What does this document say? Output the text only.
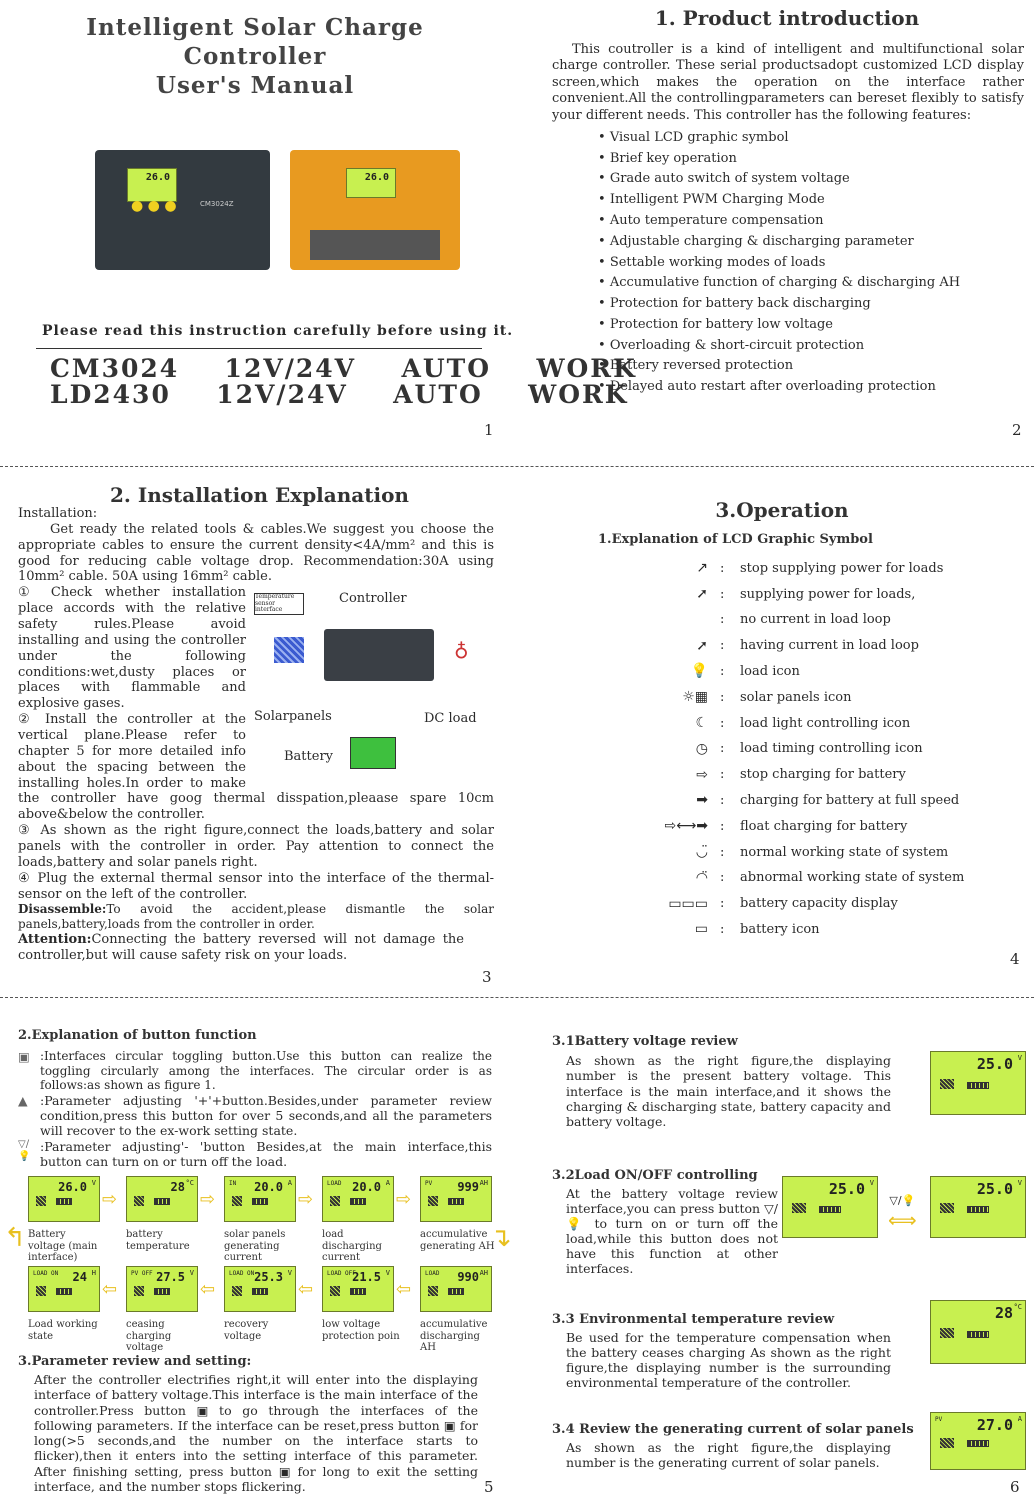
Intelligent Solar Charge Controller
User's Manual
26.0
CM3024Z
● ● ●
26.0
Please read this instruction carefully before using it.
CM3024  12V/24V  AUTO  WORK
LD2430  12V/24V  AUTO  WORK
1
1. Product introduction

This coutroller is a kind of intelligent and multifunctional solar charge controller. These serial productsadopt customized LCD display screen,which makes the operation on the interface rather convenient.All the controllingparameters can bereset flexibly to satisfy your different needs. This controller has the following features:

• Visual LCD graphic symbol
• Brief key operation
• Grade auto switch of system voltage
• Intelligent PWM Charging Mode
• Auto temperature compensation
• Adjustable charging & discharging parameter
• Settable working modes of loads
• Accumulative function of charging & discharging AH
• Protection for battery back discharging
• Protection for battery low voltage
• Overloading & short-circuit protection
• Battery reversed protection
• Delayed auto restart after overloading protection
2
2. Installation Explanation
Installation:

Get ready the related tools & cables.We suggest you choose the appropriate cables to ensure the current density<4A/mm² and this is good for reducing cable voltage drop. Recommendation:30A using 10mm² cable. 50A using 16mm² cable.

Temperature sensor interface
Controller
♁
Solarpanels	DC load
Battery

① Check whether installation place accords with the relative safety rules.Please avoid installing and using the controller under the following conditions:wet,dusty places or places with flammable and explosive gases.

② Install the controller at the vertical plane.Please refer to chapter 5 for more detailed info about the spacing between the installing holes.In order to make the controller have goog thermal disspation,pleaase spare 10cm above&below the controller.

③ As shown as the right figure,connect the loads,battery and solar panels with the controller in order. Pay attention to connect the loads,battery and solar panels right.

④ Plug the external thermal sensor into the interface of the thermal-sensor on the left of the controller.

Disassemble:To avoid the accident,please dismantle the solar panels,battery,loads from the controller in order.

Attention:Connecting the battery reversed will not damage the controller,but will cause safety risk on your loads.

3
3.Operation
1.Explanation of LCD Graphic Symbol
↗ :	stop supplying power for loads
➚ :	supplying power for loads,
:	no current in load loop
➚ :	having current in load loop
💡 :	load icon
☼▦ :	solar panels icon
☾ :	load light controlling icon
◷ :	load timing controlling icon
⇨ :	stop charging for battery
➡ :	charging for battery at full speed
⇨⟷➡ :	float charging for battery
◡̈ :	normal working state of system
◠̈ :	abnormal working state of system
▭▭▭ :	battery capacity display
▭ :	battery icon
4
2.Explanation of button function
▣ :Interfaces circular toggling button.Use this button can realize the toggling circularly among the interfaces. The circular order is as follows:as shown as figure 1.

▲ :Parameter adjusting '+'+button.Besides,under parameter review condition,press this button for over 5 seconds,and all the parameters will recover to the ex-work setting state.

▽/💡

:Parameter adjusting'- 'button Besides,at the main interface,this button can turn on or turn off the load.

26.0 V
Battery voltage (main interface)
⇨
28 °C
battery temperature
⇨
IN 20.0 A
solar panels generating current
⇨
LOAD 20.0 A
load discharging current
⇨
PV 999 AH
accumulative generating AH
LOAD ON 24 H
Load working state
⇦
PV OFF 27.5 V
ceasing charging voltage
⇦
LOAD ON 25.3 V
recovery voltage
⇦
LOAD OFF
21.5 V
low voltage protection poin
⇦
LOAD 990 AH
accumulative discharging AH
↰	↴
3.Parameter review and setting:

After the controller electrifies right,it will enter into the displaying interface of battery voltage.This interface is the main interface of the controller.Press button ▣ to go through the interfaces of the following parameters. If the interface can be reset,press button ▣ for long(>5 seconds,and the number on the interface starts to flicker),then it enters into the setting interface of this parameter. After finishing setting, press button ▣ for long to exit the setting interface, and the number stops flickering.	5
3.1Battery voltage review

As shown as the right figure,the displaying number is the present battery voltage. This interface is the main interface,and it shows the charging & discharging state, battery capacity and battery voltage.

25.0 V
3.2Load ON/OFF controlling

At the battery voltage review interface,you can press button ▽/💡 to turn on or turn off the load,while this button does not have this function at other interfaces.

25.0 V
▽/💡
⟺
25.0 V
3.3 Environmental temperature review

Be used for the temperature compensation when the battery ceases charging As shown as the right figure,the displaying number is the surrounding environmental temperature of the controller.

28 °C
3.4 Review the generating current of solar panels

As shown as the right figure,the displaying number is the generating current of solar panels.

PV 27.0 A
6
